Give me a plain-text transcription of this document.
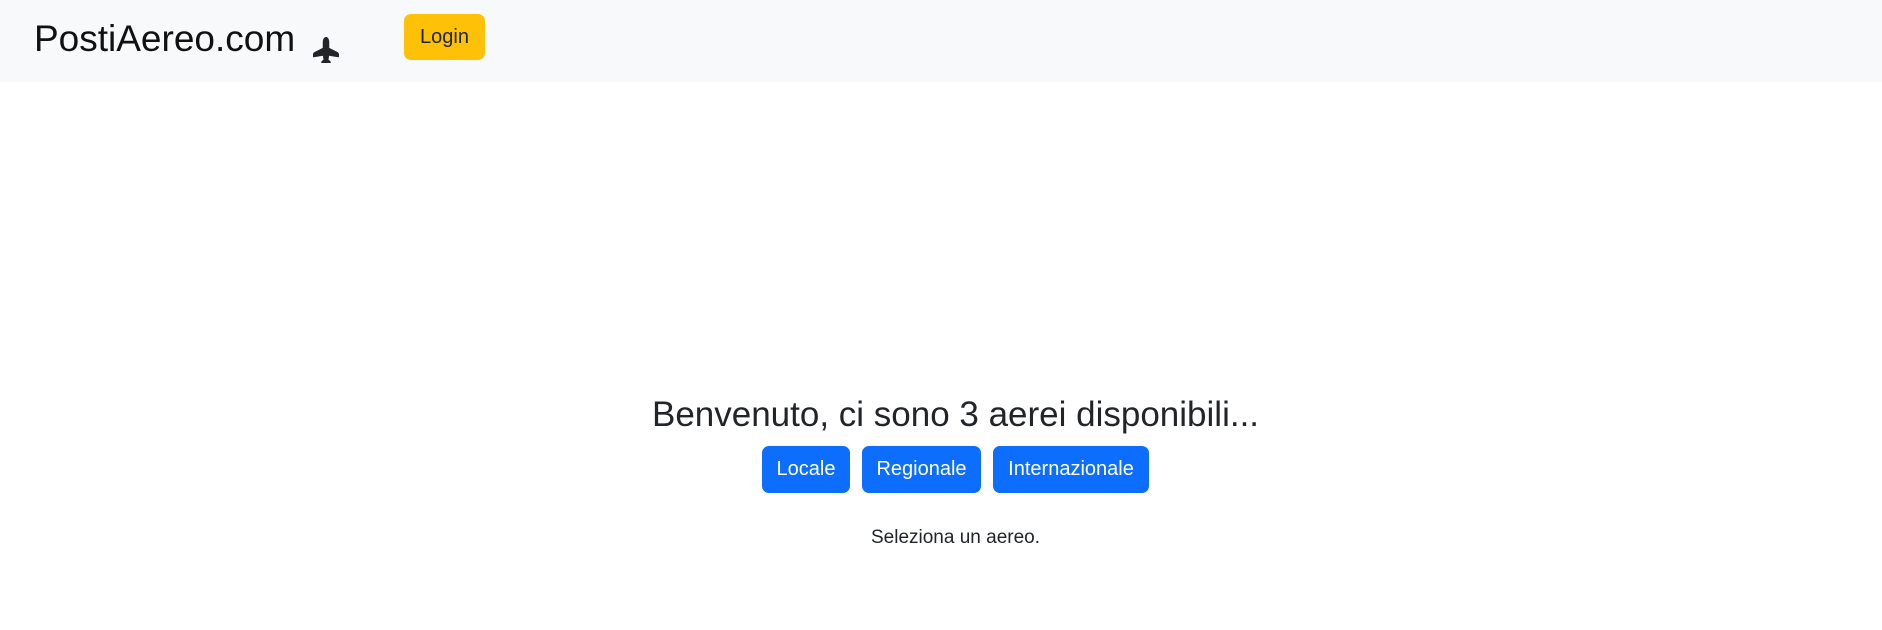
PostiAereo.com	Login
Benvenuto, ci sono 3 aerei disponibili...
Locale	Regionale	Internazionale

Seleziona un aereo.
